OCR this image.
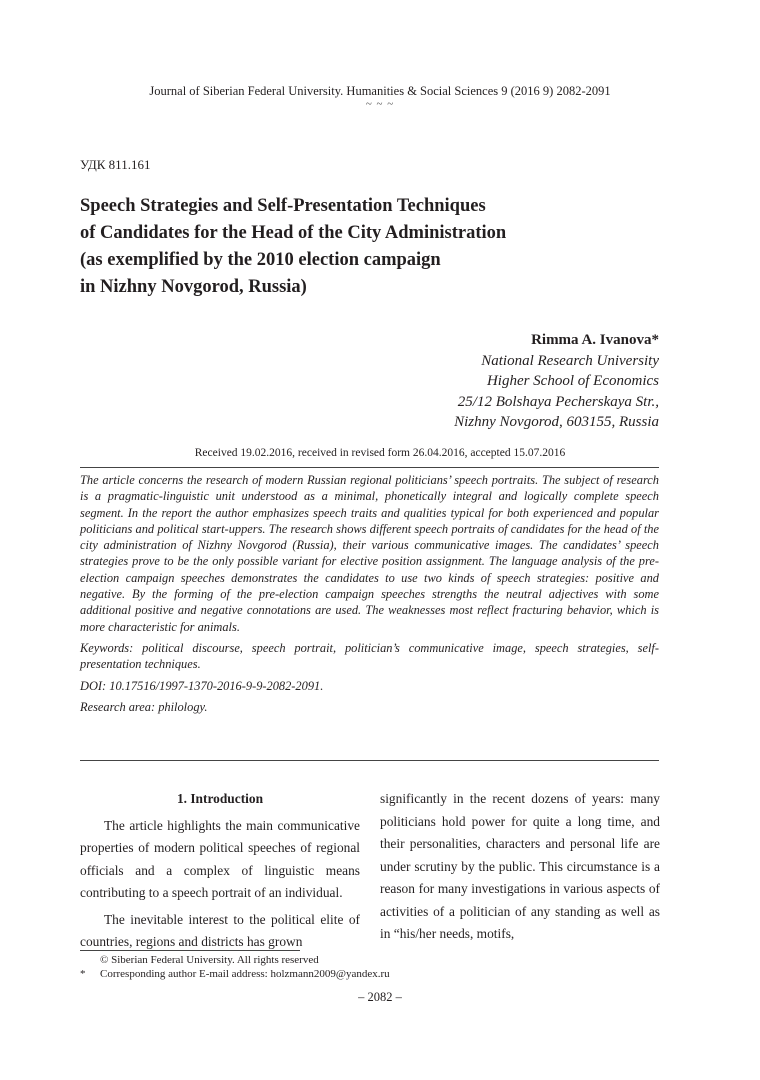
Journal of Siberian Federal University. Humanities & Social Sciences 9 (2016 9) 2082-2091
~ ~ ~
УДК 811.161
Speech Strategies and Self-Presentation Techniques
of Candidates for the Head of the City Administration
(as exemplified by the 2010 election campaign
in Nizhny Novgorod, Russia)
Rimma A. Ivanova*
National Research University
Higher School of Economics
25/12 Bolshaya Pecherskaya Str.,
Nizhny Novgorod, 603155, Russia
Received 19.02.2016, received in revised form 26.04.2016, accepted 15.07.2016

The article concerns the research of modern Russian regional politicians’ speech portraits. The subject of research is a pragmatic-linguistic unit understood as a minimal, phonetically integral and logically complete speech segment. In the report the author emphasizes speech traits and qualities typical for both experienced and popular politicians and political start-uppers. The research shows different speech portraits of candidates for the head of the city administration of Nizhny Novgorod (Russia), their various communicative images. The candidates’ speech strategies prove to be the only possible variant for elective position assignment. The language analysis of the pre-election campaign speeches demonstrates the candidates to use two kinds of speech strategies: positive and negative. By the forming of the pre-election campaign speeches strengths the neutral adjectives with some additional positive and negative connotations are used. The weaknesses most reflect fracturing behavior, which is more characteristic for animals.

Keywords: political discourse, speech portrait, politician’s communicative image, speech strategies, self-presentation techniques.

DOI: 10.17516/1997-1370-2016-9-9-2082-2091.

Research area: philology.

1. Introduction

The article highlights the main communicative properties of modern political speeches of regional officials and a complex of linguistic means contributing to a speech portrait of an individual.

The inevitable interest to the political elite of countries, regions and districts has grown

significantly in the recent dozens of years: many politicians hold power for quite a long time, and their personalities, characters and personal life are under scrutiny by the public. This circumstance is a reason for many investigations in various aspects of activities of a politician of any standing as well as in “his/her needs, motifs,

© Siberian Federal University. All rights reserved
* Corresponding author E-mail address: holzmann2009@yandex.ru
– 2082 –
